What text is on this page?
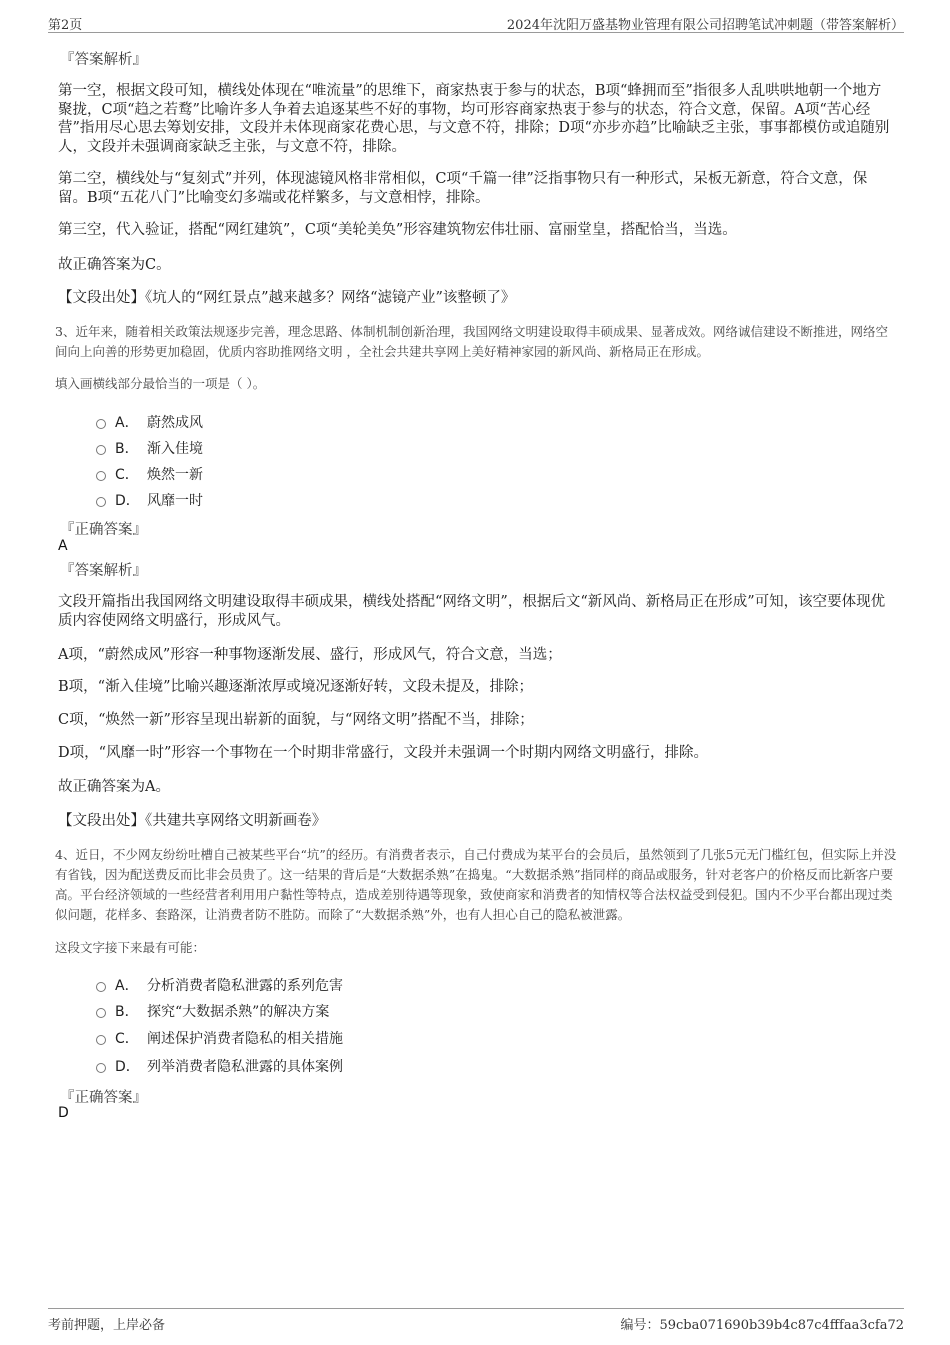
第2页	2024年沈阳万盛基物业管理有限公司招聘笔试冲刺题（带答案解析）
『答案解析』
第一空，根据文段可知，横线处体现在“唯流量”的思维下，商家热衷于参与的状态，B项“蜂拥而至”指很多人乱哄哄地朝一个地方聚拢，C项“趋之若鹜”比喻许多人争着去追逐某些不好的事物，均可形容商家热衷于参与的状态，符合文意，保留。A项“苦心经营”指用尽心思去筹划安排，文段并未体现商家花费心思，与文意不符，排除；D项“亦步亦趋”比喻缺乏主张，事事都模仿或追随别人，文段并未强调商家缺乏主张，与文意不符，排除。
第二空，横线处与“复刻式”并列，体现滤镜风格非常相似，C项“千篇一律”泛指事物只有一种形式，呆板无新意，符合文意，保留。B项“五花八门”比喻变幻多端或花样繁多，与文意相悖，排除。
第三空，代入验证，搭配“网红建筑”，C项“美轮美奂”形容建筑物宏伟壮丽、富丽堂皇，搭配恰当，当选。
故正确答案为C。
【文段出处】《坑人的“网红景点”越来越多？网络“滤镜产业”该整顿了》
3、近年来，随着相关政策法规逐步完善，理念思路、体制机制创新治理，我国网络文明建设取得丰硕成果、显著成效。网络诚信建设不断推进，网络空间向上向善的形势更加稳固，优质内容助推网络文明 ，全社会共建共享网上美好精神家园的新风尚、新格局正在形成。
填入画横线部分最恰当的一项是（ ）。
A． 蔚然成风
B． 渐入佳境
C． 焕然一新
D． 风靡一时
『正确答案』
A
『答案解析』
文段开篇指出我国网络文明建设取得丰硕成果，横线处搭配“网络文明”，根据后文“新风尚、新格局正在形成”可知，该空要体现优质内容使网络文明盛行，形成风气。
A项，“蔚然成风”形容一种事物逐渐发展、盛行，形成风气，符合文意，当选；
B项，“渐入佳境”比喻兴趣逐渐浓厚或境况逐渐好转，文段未提及，排除；
C项，“焕然一新”形容呈现出崭新的面貌，与“网络文明”搭配不当，排除；
D项，“风靡一时”形容一个事物在一个时期非常盛行，文段并未强调一个时期内网络文明盛行，排除。
故正确答案为A。
【文段出处】《共建共享网络文明新画卷》
4、近日，不少网友纷纷吐槽自己被某些平台“坑”的经历。有消费者表示，自己付费成为某平台的会员后，虽然领到了几张5元无门槛红包，但实际上并没有省钱，因为配送费反而比非会员贵了。这一结果的背后是“大数据杀熟”在捣鬼。“大数据杀熟”指同样的商品或服务，针对老客户的价格反而比新客户要高。平台经济领域的一些经营者利用用户黏性等特点，造成差别待遇等现象，致使商家和消费者的知情权等合法权益受到侵犯。国内不少平台都出现过类似问题，花样多、套路深，让消费者防不胜防。而除了“大数据杀熟”外，也有人担心自己的隐私被泄露。
这段文字接下来最有可能：
A． 分析消费者隐私泄露的系列危害
B． 探究“大数据杀熟”的解决方案
C． 阐述保护消费者隐私的相关措施
D． 列举消费者隐私泄露的具体案例
『正确答案』
D
考前押题，上岸必备	编号：59cba071690b39b4c87c4fffaa3cfa72
